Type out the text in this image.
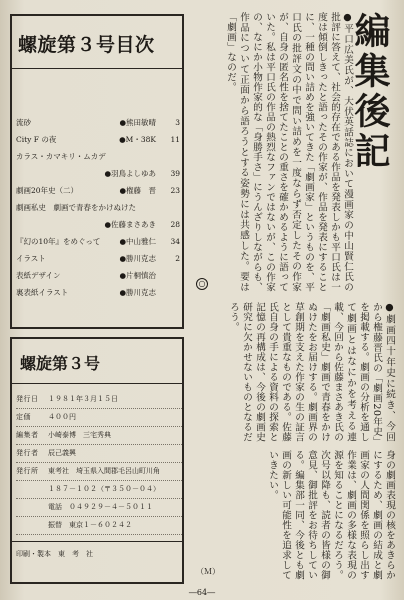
螺旋第３号目次
流砂	●熊田敏晴	3
City F の夜	●M・38K 11
カラス・カマキリ・ムカデ
●羽鳥よしゆあ 39
劇画20年史（二）	●権藤　晋 23
劇画私史　劇画で青春をかけぬけた
●佐藤まさあき 28
『幻の10年』をめぐって	●中山雅仁 34
イラスト	●勝川克志	2
表紙デザイン	●片桐慎治
裏表紙イラスト	●勝川克志
螺旋第３号
発行日	１９８１年３月１５日
定価	４００円
編集者	小崎泰博　三宅秀典
発行者	辰己義興
発行所	東考社　埼玉県入間郡毛呂山町川角
１８７－１０２（〒３５０－０４）
電話　０４９２９－４－５０１１
振替　東京１－６０２４２
印刷・製本　東　考　社
編集後記
●平口広美氏が、大伏英話誌において漫画家の中山賢仁氏の批評に答えて、社会的存在である作品を発表しかも平口氏は一度は傾倒しきったと語ったその作家が、作品を発表にすることに、一種の問い詰めを強いてきた「劇画家」というものを、平口氏の批評文の中で問い詰めを一度ならず否定したその作家が、自身の匿名性を捨てたことの重さを確かめるように語っていた。私は平口氏の作品の熱烈なファンではないが、この作家の、なにか小物作家的な「身勝手さ」にうんざりしながらも、作品について正面から語ろうとする姿勢には共感した。要は「劇画」なのだ。
○
●劇画四十年史に続き、今回から権藤晋氏の「劇画20年史」を掲載する。劇画の分析を通して劇画とはなにかを考える連載、今回から佐藤まさあき氏の「劇画私史」劇画で青春をかけぬけたをお届けする。劇画界の草創期を支えた作家の生の証言として貴重なものである。佐藤氏自身の手による資料の探索と記憶の再構成は、今後の劇画史研究に欠かせないものとなるだろう。
身の劇画表現の核をあきらかにするため、劇画の結成と劇画家の人間関係を照らし出す作業は、劇画の多様な表現の源を知ることになるだろう。次号以降も、読者の皆様の御意見、御批評をお待ちしている。編集部一同、今後とも劇画の新しい可能性を追求していきたい。
（Ｍ）
―64―
